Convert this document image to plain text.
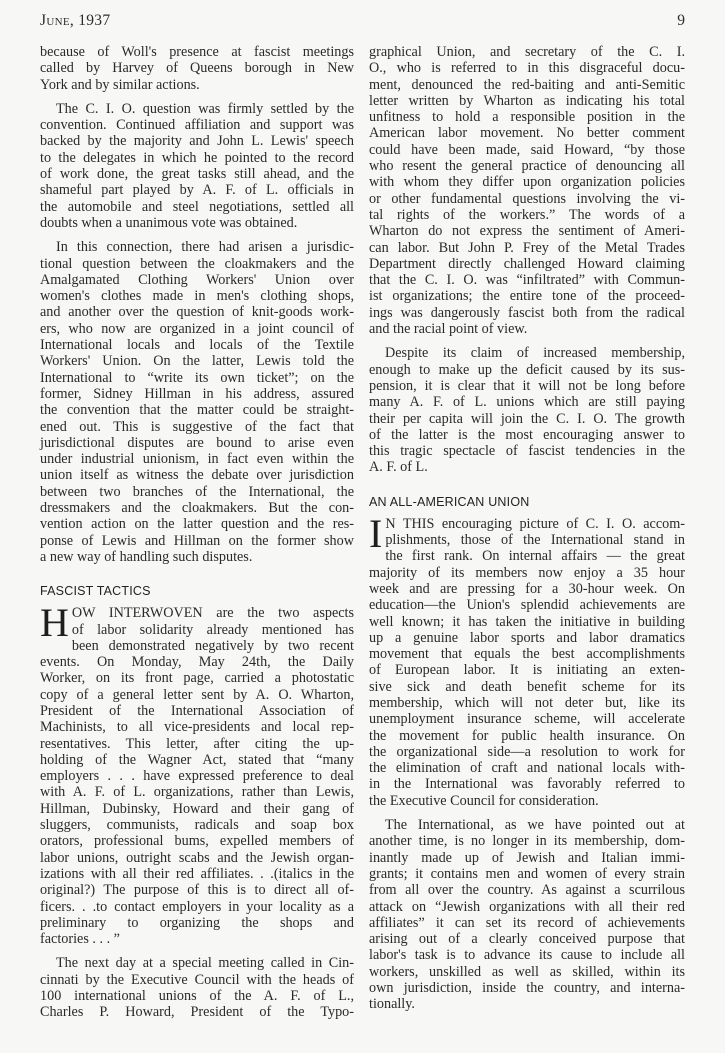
June, 1937	9
because of Woll's presence at fascist meetings
called by Harvey of Queens borough in New
York and by similar actions.
The C. I. O. question was firmly settled by the
convention. Continued affiliation and support was
backed by the majority and John L. Lewis' speech
to the delegates in which he pointed to the record
of work done, the great tasks still ahead, and the
shameful part played by A. F. of L. officials in
the automobile and steel negotiations, settled all
doubts when a unanimous vote was obtained.
In this connection, there had arisen a jurisdic-
tional question between the cloakmakers and the
Amalgamated Clothing Workers' Union over
women's clothes made in men's clothing shops,
and another over the question of knit-goods work-
ers, who now are organized in a joint council of
International locals and locals of the Textile
Workers' Union. On the latter, Lewis told the
International to “write its own ticket”; on the
former, Sidney Hillman in his address, assured
the convention that the matter could be straight-
ened out. This is suggestive of the fact that
jurisdictional disputes are bound to arise even
under industrial unionism, in fact even within the
union itself as witness the debate over jurisdiction
between two branches of the International, the
dressmakers and the cloakmakers. But the con-
vention action on the latter question and the res-
ponse of Lewis and Hillman on the former show
a new way of handling such disputes.
FASCIST TACTICS
H OW INTERWOVEN are the two aspects
of labor solidarity already mentioned has
been demonstrated negatively by two recent
events. On Monday, May 24th, the Daily
Worker, on its front page, carried a photostatic
copy of a general letter sent by A. O. Wharton,
President of the International Association of
Machinists, to all vice-presidents and local rep-
resentatives. This letter, after citing the up-
holding of the Wagner Act, stated that “many
employers . . . have expressed preference to deal
with A. F. of L. organizations, rather than Lewis,
Hillman, Dubinsky, Howard and their gang of
sluggers, communists, radicals and soap box
orators, professional bums, expelled members of
labor unions, outright scabs and the Jewish organ-
izations with all their red affiliates. . .(italics in the
original?) The purpose of this is to direct all of-
ficers. . .to contact employers in your locality as a
preliminary to organizing the shops and
factories . . . ”
The next day at a special meeting called in Cin-
cinnati by the Executive Council with the heads of
100 international unions of the A. F. of L.,
Charles P. Howard, President of the Typo-
graphical Union, and secretary of the C. I.
O., who is referred to in this disgraceful docu-
ment, denounced the red-baiting and anti-Semitic
letter written by Wharton as indicating his total
unfitness to hold a responsible position in the
American labor movement. No better comment
could have been made, said Howard, “by those
who resent the general practice of denouncing all
with whom they differ upon organization policies
or other fundamental questions involving the vi-
tal rights of the workers.” The words of a
Wharton do not express the sentiment of Ameri-
can labor. But John P. Frey of the Metal Trades
Department directly challenged Howard claiming
that the C. I. O. was “infiltrated” with Commun-
ist organizations; the entire tone of the proceed-
ings was dangerously fascist both from the radical
and the racial point of view.
Despite its claim of increased membership,
enough to make up the deficit caused by its sus-
pension, it is clear that it will not be long before
many A. F. of L. unions which are still paying
their per capita will join the C. I. O. The growth
of the latter is the most encouraging answer to
this tragic spectacle of fascist tendencies in the
A. F. of L.
AN ALL-AMERICAN UNION
I N THIS encouraging picture of C. I. O. accom-
plishments, those of the International stand in
the first rank. On internal affairs — the great
majority of its members now enjoy a 35 hour
week and are pressing for a 30-hour week. On
education—the Union's splendid achievements are
well known; it has taken the initiative in building
up a genuine labor sports and labor dramatics
movement that equals the best accomplishments
of European labor. It is initiating an exten-
sive sick and death benefit scheme for its
membership, which will not deter but, like its
unemployment insurance scheme, will accelerate
the movement for public health insurance. On
the organizational side—a resolution to work for
the elimination of craft and national locals with-
in the International was favorably referred to
the Executive Council for consideration.
The International, as we have pointed out at
another time, is no longer in its membership, dom-
inantly made up of Jewish and Italian immi-
grants; it contains men and women of every strain
from all over the country. As against a scurrilous
attack on “Jewish organizations with all their red
affiliates” it can set its record of achievements
arising out of a clearly conceived purpose that
labor's task is to advance its cause to include all
workers, unskilled as well as skilled, within its
own jurisdiction, inside the country, and interna-
tionally.
